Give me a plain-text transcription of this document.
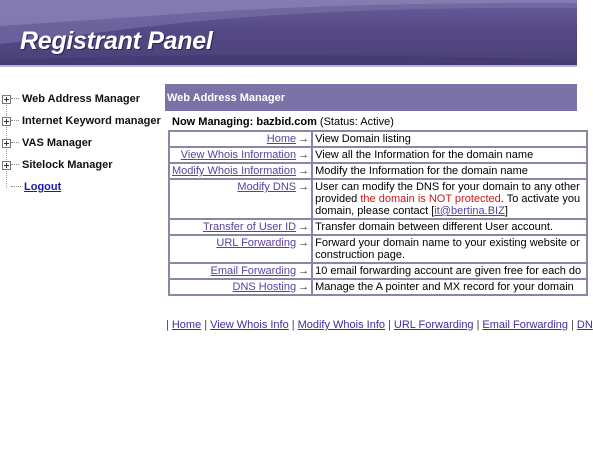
Registrant Panel
Web Address Manager
Internet Keyword manager
VAS Manager
Sitelock Manager
Logout
Web Address Manager
Now Managing: bazbid.com (Status: Active)
Home →	View Domain listing
View Whois Information →	View all the Information for the domain name
Modify Whois Information →	Modify the Information for the domain name
Modify DNS →	User can modify the DNS for your domain to any other
provided the domain is NOT protected. To activate you
domain, please contact [it@bertina.BIZ]

Transfer of User ID →	Transfer domain between different User account.
URL Forwarding →	Forward your domain name to your existing website or
construction page.

Email Forwarding →	10 email forwarding account are given free for each do
DNS Hosting →	Manage the A pointer and MX record for your domain
| Home | View Whois Info | Modify Whois Info | URL Forwarding | Email Forwarding | DN
